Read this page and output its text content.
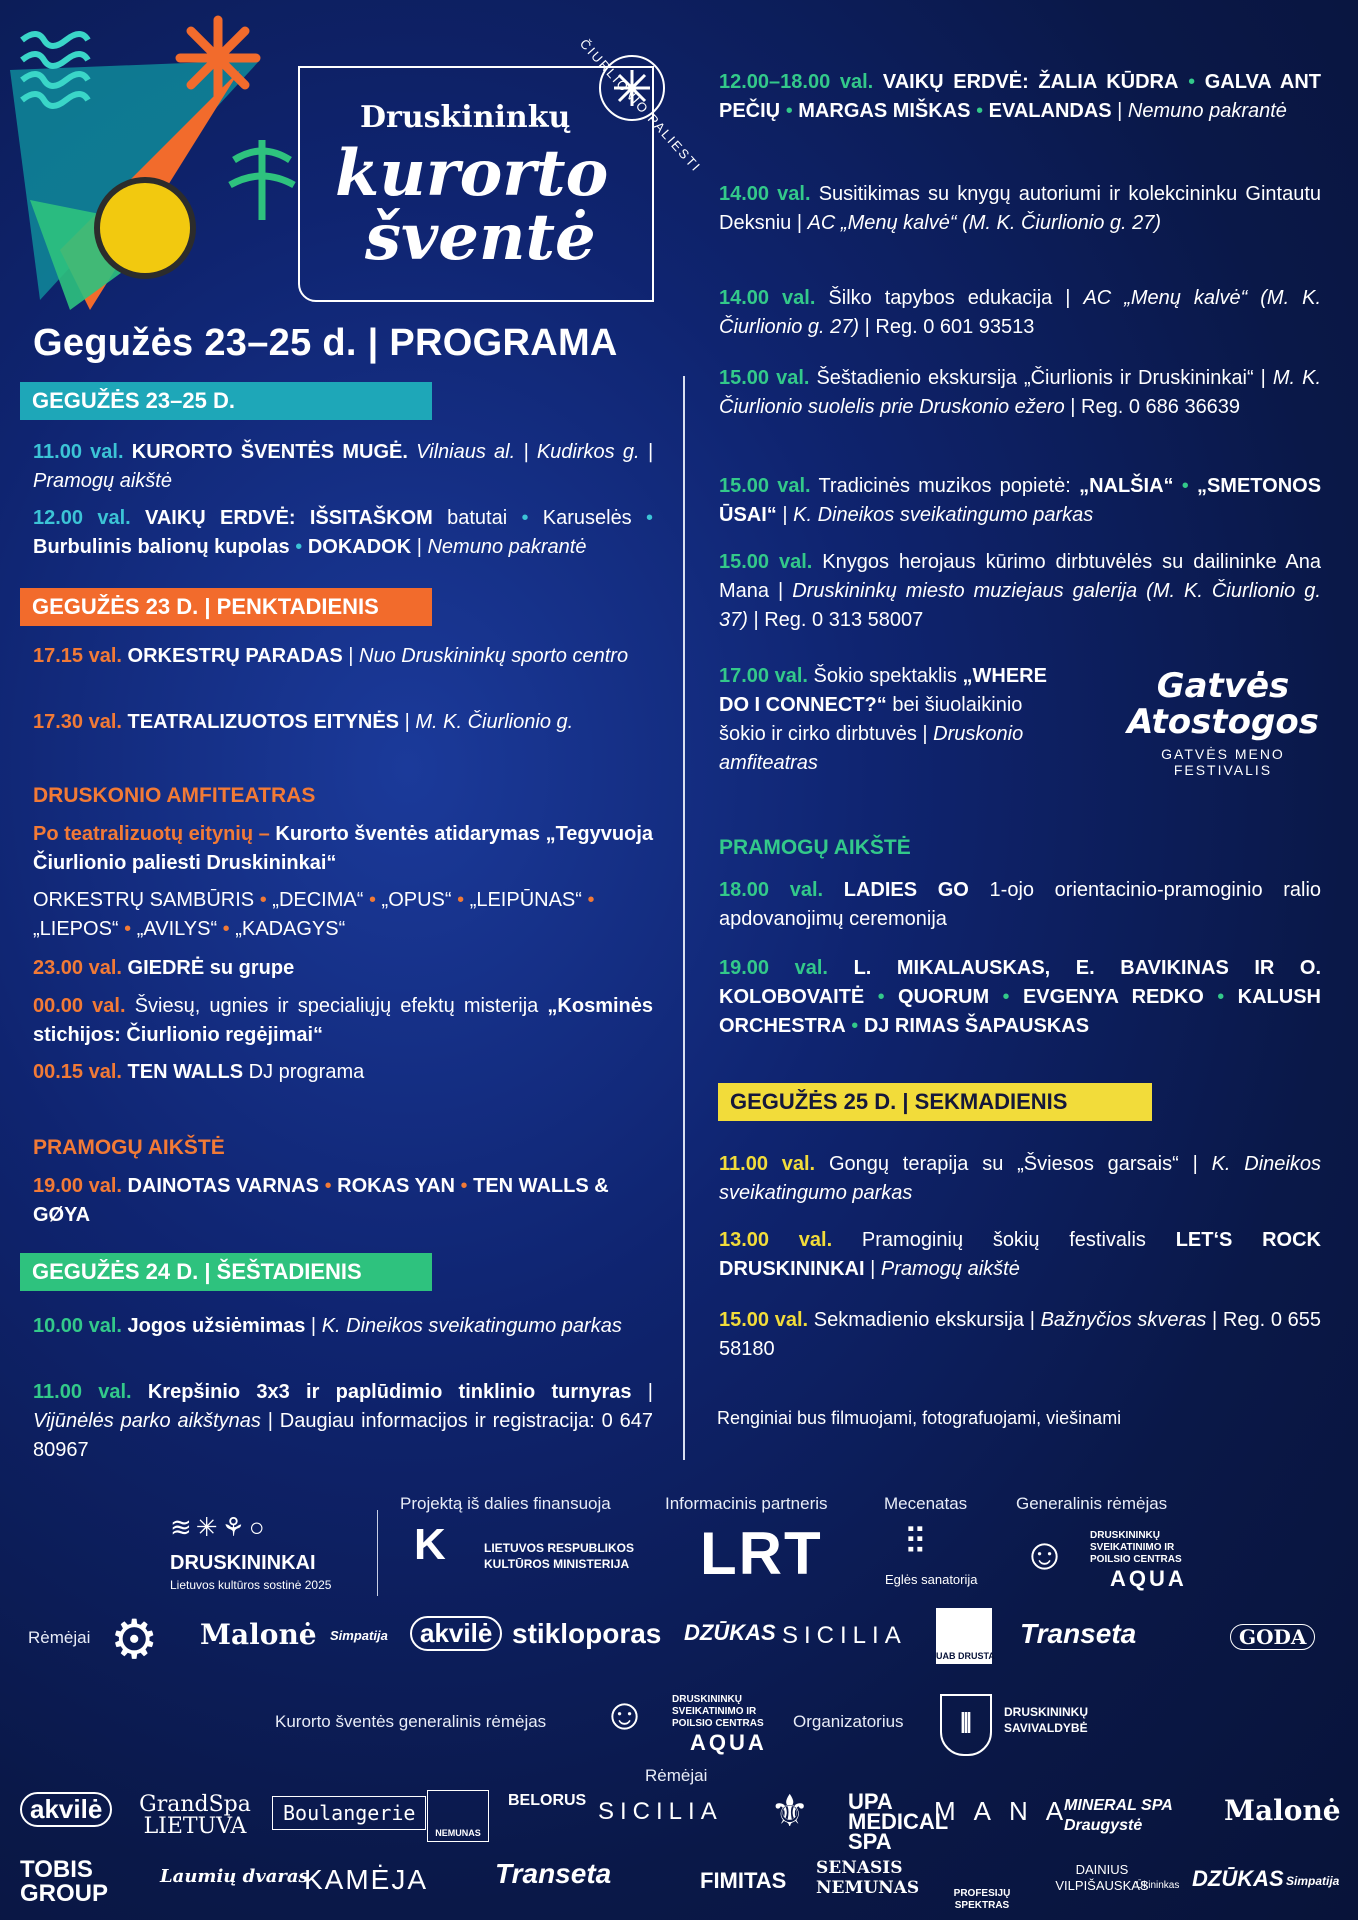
Druskininkų
kurorto
šventė
ČIURLIONIO PALIESTI
Gegužės 23–25 d. | PROGRAMA
GEGUŽĖS 23–25 D.
11.00 val. KURORTO ŠVENTĖS MUGĖ. Vilniaus al. | Kudirkos g. | Pramogų aikštė
12.00 val. VAIKŲ ERDVĖ: IŠSITAŠKOM batutai • Karuselės • Burbulinis balionų kupolas • DOKADOK | Nemuno pakrantė
GEGUŽĖS 23 D. | PENKTADIENIS
17.15 val. ORKESTRŲ PARADAS | Nuo Druskininkų sporto centro
17.30 val. TEATRALIZUOTOS EITYNĖS | M. K. Čiurlionio g.
DRUSKONIO AMFITEATRAS
Po teatralizuotų eitynių – Kurorto šventės atidarymas „Tegyvuoja Čiurlionio paliesti Druskininkai“
ORKESTRŲ SAMBŪRIS • „DECIMA“ • „OPUS“ • „LEIPŪNAS“ • „LIEPOS“ • „AVILYS“ • „KADAGYS“
23.00 val. GIEDRĖ su grupe
00.00 val. Šviesų, ugnies ir specialiųjų efektų misterija „Kosminės stichijos: Čiurlionio regėjimai“
00.15 val. TEN WALLS DJ programa
PRAMOGŲ AIKŠTĖ
19.00 val. DAINOTAS VARNAS • ROKAS YAN • TEN WALLS & GØYA
GEGUŽĖS 24 D. | ŠEŠTADIENIS
10.00 val. Jogos užsiėmimas | K. Dineikos sveikatingumo parkas
11.00 val. Krepšinio 3x3 ir paplūdimio tinklinio turnyras | Vijūnėlės parko aikštynas | Daugiau informacijos ir registracija: 0 647 80967
12.00–18.00 val. VAIKŲ ERDVĖ: ŽALIA KŪDRA • GALVA ANT PEČIŲ • MARGAS MIŠKAS • EVALANDAS | Nemuno pakrantė
14.00 val. Susitikimas su knygų autoriumi ir kolekcininku Gintautu Deksniu | AC „Menų kalvė“ (M. K. Čiurlionio g. 27)
14.00 val. Šilko tapybos edukacija | AC „Menų kalvė“ (M. K. Čiurlionio g. 27) | Reg. 0 601 93513
15.00 val. Šeštadienio ekskursija „Čiurlionis ir Druskininkai“ | M. K. Čiurlionio suolelis prie Druskonio ežero | Reg. 0 686 36639
15.00 val. Tradicinės muzikos popietė: „NALŠIA“ • „SMETONOS ŪSAI“ | K. Dineikos sveikatingumo parkas
15.00 val. Knygos herojaus kūrimo dirbtuvėlės su dailininke Ana Mana | Druskininkų miesto muziejaus galerija (M. K. Čiurlionio g. 37) | Reg. 0 313 58007
17.00 val. Šokio spektaklis „WHERE DO I CONNECT?“ bei šiuolaikinio šokio ir cirko dirbtuvės | Druskonio amfiteatras
Gatvės
Atostogos
GATVĖS MENO FESTIVALIS
PRAMOGŲ AIKŠTĖ
18.00 val. LADIES GO 1-ojo orientacinio-pramoginio ralio apdovanojimų ceremonija
19.00 val. L. MIKALAUSKAS, E. BAVIKINAS IR O. KOLOBOVAITĖ • QUORUM • EVGENYA REDKO • KALUSH ORCHESTRA • DJ RIMAS ŠAPAUSKAS
GEGUŽĖS 25 D. | SEKMADIENIS
11.00 val. Gongų terapija su „Šviesos garsais“ | K. Dineikos sveikatingumo parkas
13.00 val. Pramoginių šokių festivalis LET‘S ROCK DRUSKININKAI | Pramogų aikštė
15.00 val. Sekmadienio ekskursija | Bažnyčios skveras | Reg. 0 655 58180
Renginiai bus filmuojami, fotografuojami, viešinami
≋✳⚘○
DRUSKININKAI
Lietuvos kultūros sostinė 2025
Projektą iš dalies finansuoja
K	LIETUVOS RESPUBLIKOS KULTŪROS MINISTERIJA
Informacinis partneris
LRT
Mecenatas
⫶⫶
Eglės sanatorija
Generalinis rėmėjas
☺ DRUSKININKŲ SVEIKATINIMO IR POILSIO CENTRAS
AQUA
Rėmėjai ⚙ Malonė Simpatija	akvilė stikloporas DZŪKAS SICILIA
UAB DRUSTA
Transeta	GODA
Kurorto šventės generalinis rėmėjas ☺	DRUSKININKŲ SVEIKATINIMO IR POILSIO CENTRAS
AQUA
Organizatorius	⫴	DRUSKININKŲ SAVIVALDYBĖ
Rėmėjai
akvilė	GrandSpa LIETUVA
Boulangerie
NEMUNAS
BELORUS SICILIA ⚜ UPA MEDICAL SPA
MANA
MINERAL SPA Draugystė	Malonė
TOBIS GROUP
Laumių dvaras
KAMĖJA Transeta	FIMITAS SENASIS NEMUNAS	PROFESIJŲ SPEKTRAS
DAINIUS VILPIŠAUSKAS
Ūkininkas DZŪKAS Simpatija
